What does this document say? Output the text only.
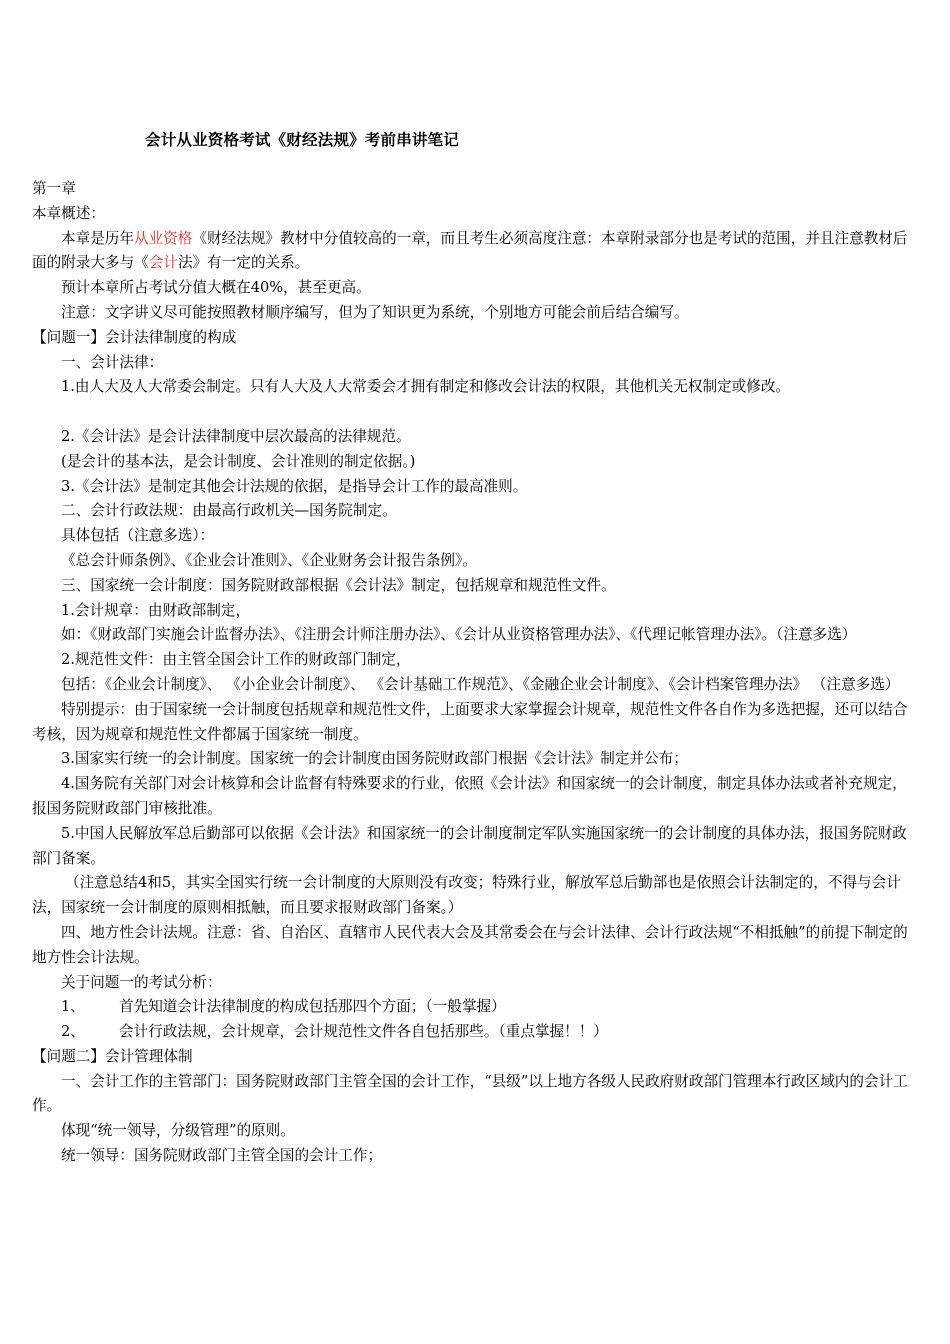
会计从业资格考试《财经法规》考前串讲笔记

第一章

本章概述：

本章是历年从业资格《财经法规》教材中分值较高的一章，而且考生必须高度注意：本章附录部分也是考试的范围，并且注意教材后面的附录大多与《会计法》有一定的关系。

预计本章所占考试分值大概在40%，甚至更高。

注意：文字讲义尽可能按照教材顺序编写，但为了知识更为系统，个别地方可能会前后结合编写。

【问题一】会计法律制度的构成

一、会计法律：

1.由人大及人大常委会制定。只有人大及人大常委会才拥有制定和修改会计法的权限，其他机关无权制定或修改。

2.《会计法》是会计法律制度中层次最高的法律规范。

(是会计的基本法，是会计制度、会计准则的制定依据。)

3.《会计法》是制定其他会计法规的依据，是指导会计工作的最高准则。

二、会计行政法规：由最高行政机关—国务院制定。

具体包括（注意多选）：

《总会计师条例》、《企业会计准则》、《企业财务会计报告条例》。

三、国家统一会计制度：国务院财政部根据《会计法》制定，包括规章和规范性文件。

1.会计规章：由财政部制定，

如：《财政部门实施会计监督办法》、《注册会计师注册办法》、《会计从业资格管理办法》、《代理记帐管理办法》。（注意多选）

2.规范性文件：由主管全国会计工作的财政部门制定，

包括：《企业会计制度》、 《小企业会计制度》、 《会计基础工作规范》、《金融企业会计制度》、《会计档案管理办法》 （注意多选）

特别提示：由于国家统一会计制度包括规章和规范性文件，上面要求大家掌握会计规章，规范性文件各自作为多选把握，还可以结合考核，因为规章和规范性文件都属于国家统一制度。

3.国家实行统一的会计制度。国家统一的会计制度由国务院财政部门根据《会计法》制定并公布；

4.国务院有关部门对会计核算和会计监督有特殊要求的行业，依照《会计法》和国家统一的会计制度，制定具体办法或者补充规定，报国务院财政部门审核批准。

5.中国人民解放军总后勤部可以依据《会计法》和国家统一的会计制度制定军队实施国家统一的会计制度的具体办法，报国务院财政部门备案。

（注意总结4和5，其实全国实行统一会计制度的大原则没有改变；特殊行业，解放军总后勤部也是依照会计法制定的，不得与会计法，国家统一会计制度的原则相抵触，而且要求报财政部门备案。）

四、地方性会计法规。注意：省、自治区、直辖市人民代表大会及其常委会在与会计法律、会计行政法规“不相抵触”的前提下制定的地方性会计法规。

关于问题一的考试分析：

1、 首先知道会计法律制度的构成包括那四个方面；（一般掌握）

2、 会计行政法规，会计规章，会计规范性文件各自包括那些。（重点掌握！！）

【问题二】会计管理体制

一、会计工作的主管部门：国务院财政部门主管全国的会计工作，“县级”以上地方各级人民政府财政部门管理本行政区域内的会计工作。

体现“统一领导，分级管理”的原则。

统一领导：国务院财政部门主管全国的会计工作；
